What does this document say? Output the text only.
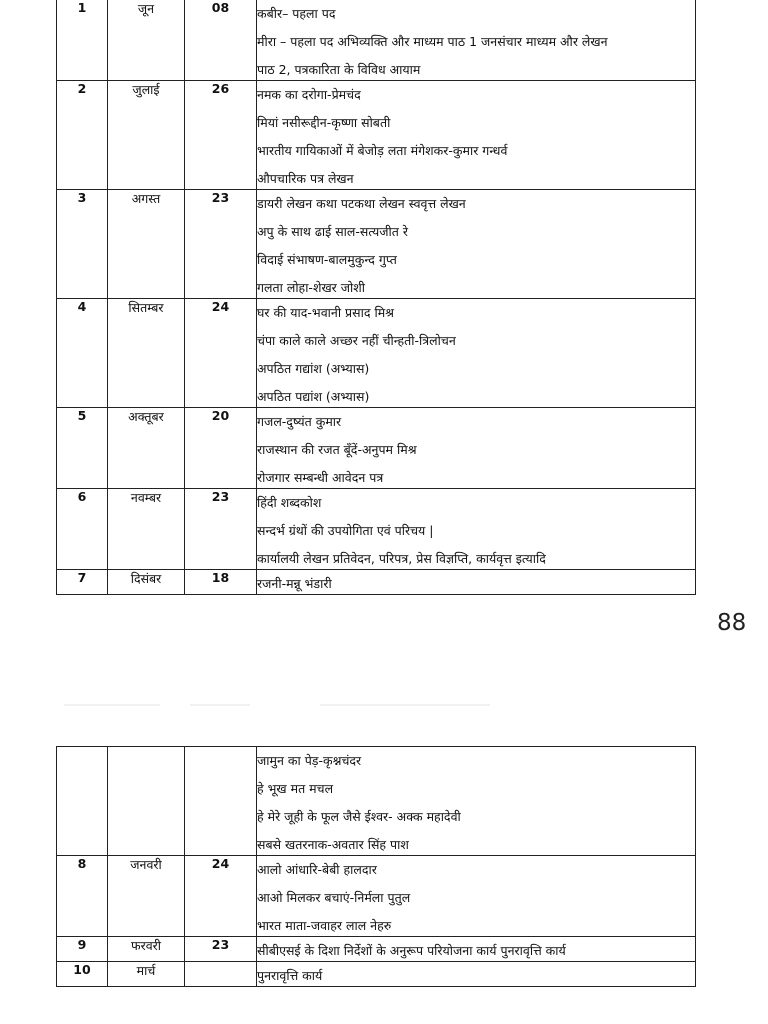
1	जून	08	कबीर– पहला पद
मीरा – पहला पद अभिव्यक्ति और माध्यम पाठ 1 जनसंचार माध्यम और लेखन
पाठ 2, पत्रकारिता के विविध आयाम

2	जुलाई	26	नमक का दरोगा-प्रेमचंद
मियां नसीरूद्दीन-कृष्णा सोबती
भारतीय गायिकाओं में बेजोड़ लता मंगेशकर-कुमार गन्धर्व
औपचारिक पत्र लेखन

3	अगस्त	23	डायरी लेखन कथा पटकथा लेखन स्ववृत्त लेखन
अपु के साथ ढाई साल-सत्यजीत रे
विदाई संभाषण-बालमुकुन्द गुप्त
गलता लोहा-शेखर जोशी

4	सितम्बर	24	घर की याद-भवानी प्रसाद मिश्र
चंपा काले काले अच्छर नहीं चीन्हती-त्रिलोचन
अपठित गद्यांश (अभ्यास)
अपठित पद्यांश (अभ्यास)

5	अक्तूबर	20	गजल-दुष्यंत कुमार
राजस्थान की रजत बूँदें-अनुपम मिश्र
रोजगार सम्बन्धी आवेदन पत्र

6	नवम्बर	23	हिंदी शब्दकोश
सन्दर्भ ग्रंथों की उपयोगिता एवं परिचय |
कार्यालयी लेखन प्रतिवेदन, परिपत्र, प्रेस विज्ञप्ति, कार्यवृत्त इत्यादि

7	दिसंबर	18	रजनी-मन्नू भंडारी
88

			जामुन का पेड़-कृश्नचंदर
हे भूख मत मचल
हे मेरे जूही के फूल जैसे ईश्वर- अक्क महादेवी
सबसे खतरनाक-अवतार सिंह पाश

8	जनवरी	24	आलो आंधारि-बेबी हालदार
आओ मिलकर बचाएं-निर्मला पुतुल
भारत माता-जवाहर लाल नेहरु

9	फरवरी	23	सीबीएसई के दिशा निर्देशों के अनुरूप परियोजना कार्य पुनरावृत्ति कार्य

10	मार्च		पुनरावृत्ति कार्य
